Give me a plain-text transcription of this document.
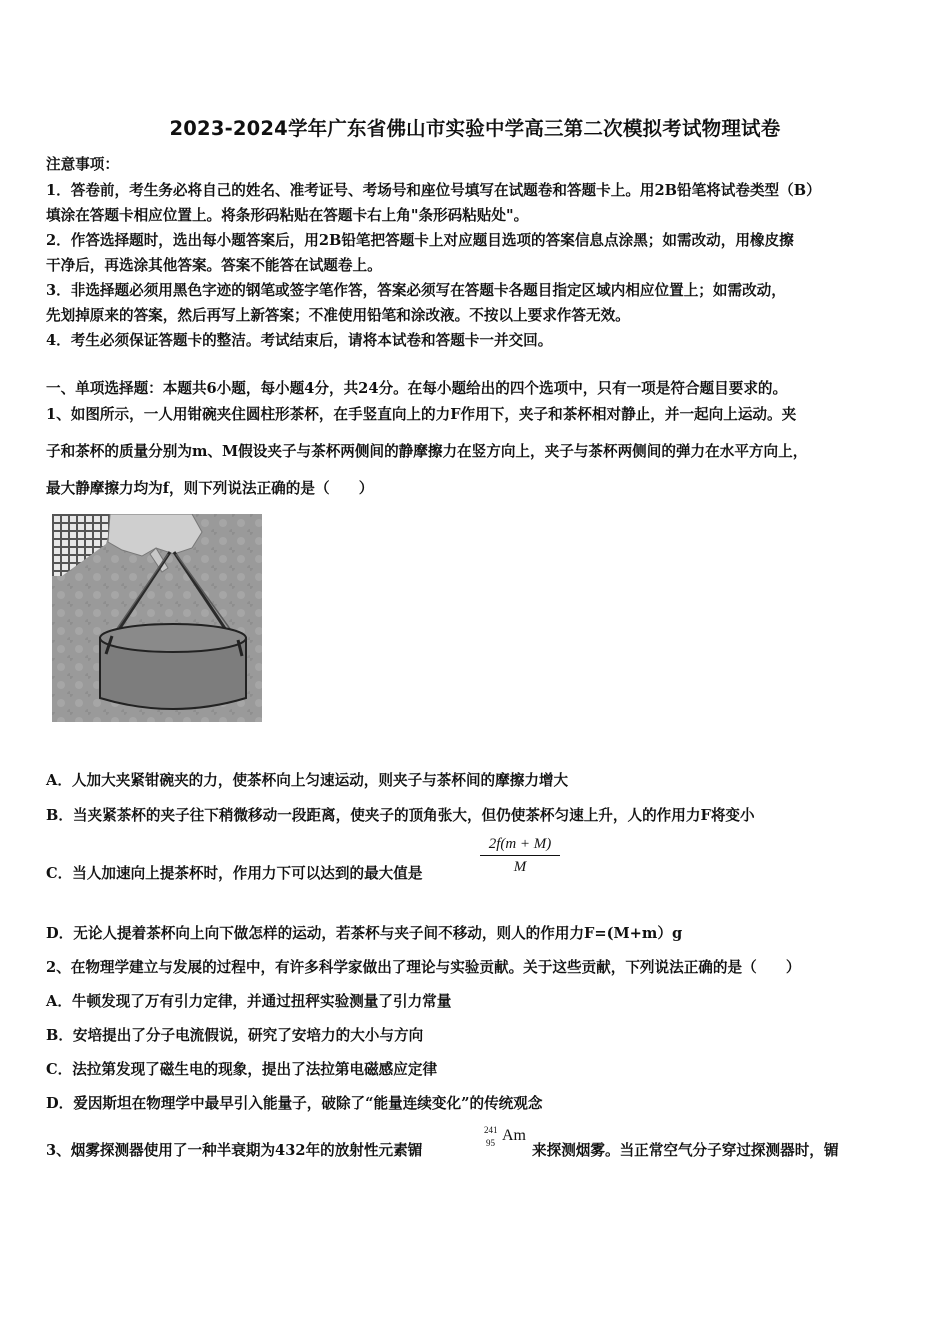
2023-2024学年广东省佛山市实验中学高三第二次模拟考试物理试卷
注意事项：
1．答卷前，考生务必将自己的姓名、准考证号、考场号和座位号填写在试题卷和答题卡上。用2B铅笔将试卷类型（B）
填涂在答题卡相应位置上。将条形码粘贴在答题卡右上角"条形码粘贴处"。
2．作答选择题时，选出每小题答案后，用2B铅笔把答题卡上对应题目选项的答案信息点涂黑；如需改动，用橡皮擦
干净后，再选涂其他答案。答案不能答在试题卷上。
3．非选择题必须用黑色字迹的钢笔或签字笔作答，答案必须写在答题卡各题目指定区域内相应位置上；如需改动，
先划掉原来的答案，然后再写上新答案；不准使用铅笔和涂改液。不按以上要求作答无效。
4．考生必须保证答题卡的整洁。考试结束后，请将本试卷和答题卡一并交回。
一、单项选择题：本题共6小题，每小题4分，共24分。在每小题给出的四个选项中，只有一项是符合题目要求的。
1、如图所示，一人用钳碗夹住圆柱形茶杯，在手竖直向上的力F作用下，夹子和茶杯相对静止，并一起向上运动。夹
子和茶杯的质量分别为m、M假设夹子与茶杯两侧间的静摩擦力在竖方向上，夹子与茶杯两侧间的弹力在水平方向上，
最大静摩擦力均为f，则下列说法正确的是（　　）
A．人加大夹紧钳碗夹的力，使茶杯向上匀速运动，则夹子与茶杯间的摩擦力增大
B．当夹紧茶杯的夹子往下稍微移动一段距离，使夹子的顶角张大，但仍使茶杯匀速上升，人的作用力F将变小
C．当人加速向上提茶杯时，作用力下可以达到的最大值是	$\frac{2f(m + M)}{M}$
D．无论人提着茶杯向上向下做怎样的运动，若茶杯与夹子间不移动，则人的作用力F=(M+m）g
2、在物理学建立与发展的过程中，有许多科学家做出了理论与实验贡献。关于这些贡献，下列说法正确的是（　　）
A．牛顿发现了万有引力定律，并通过扭秤实验测量了引力常量
B．安培提出了分子电流假说，研究了安培力的大小与方向
C．法拉第发现了磁生电的现象，提出了法拉第电磁感应定律
D．爱因斯坦在物理学中最早引入能量子，破除了“能量连续变化”的传统观念
3、烟雾探测器使用了一种半衰期为432年的放射性元素镅
241
95 Am
来探测烟雾。当正常空气分子穿过探测器时，镅
